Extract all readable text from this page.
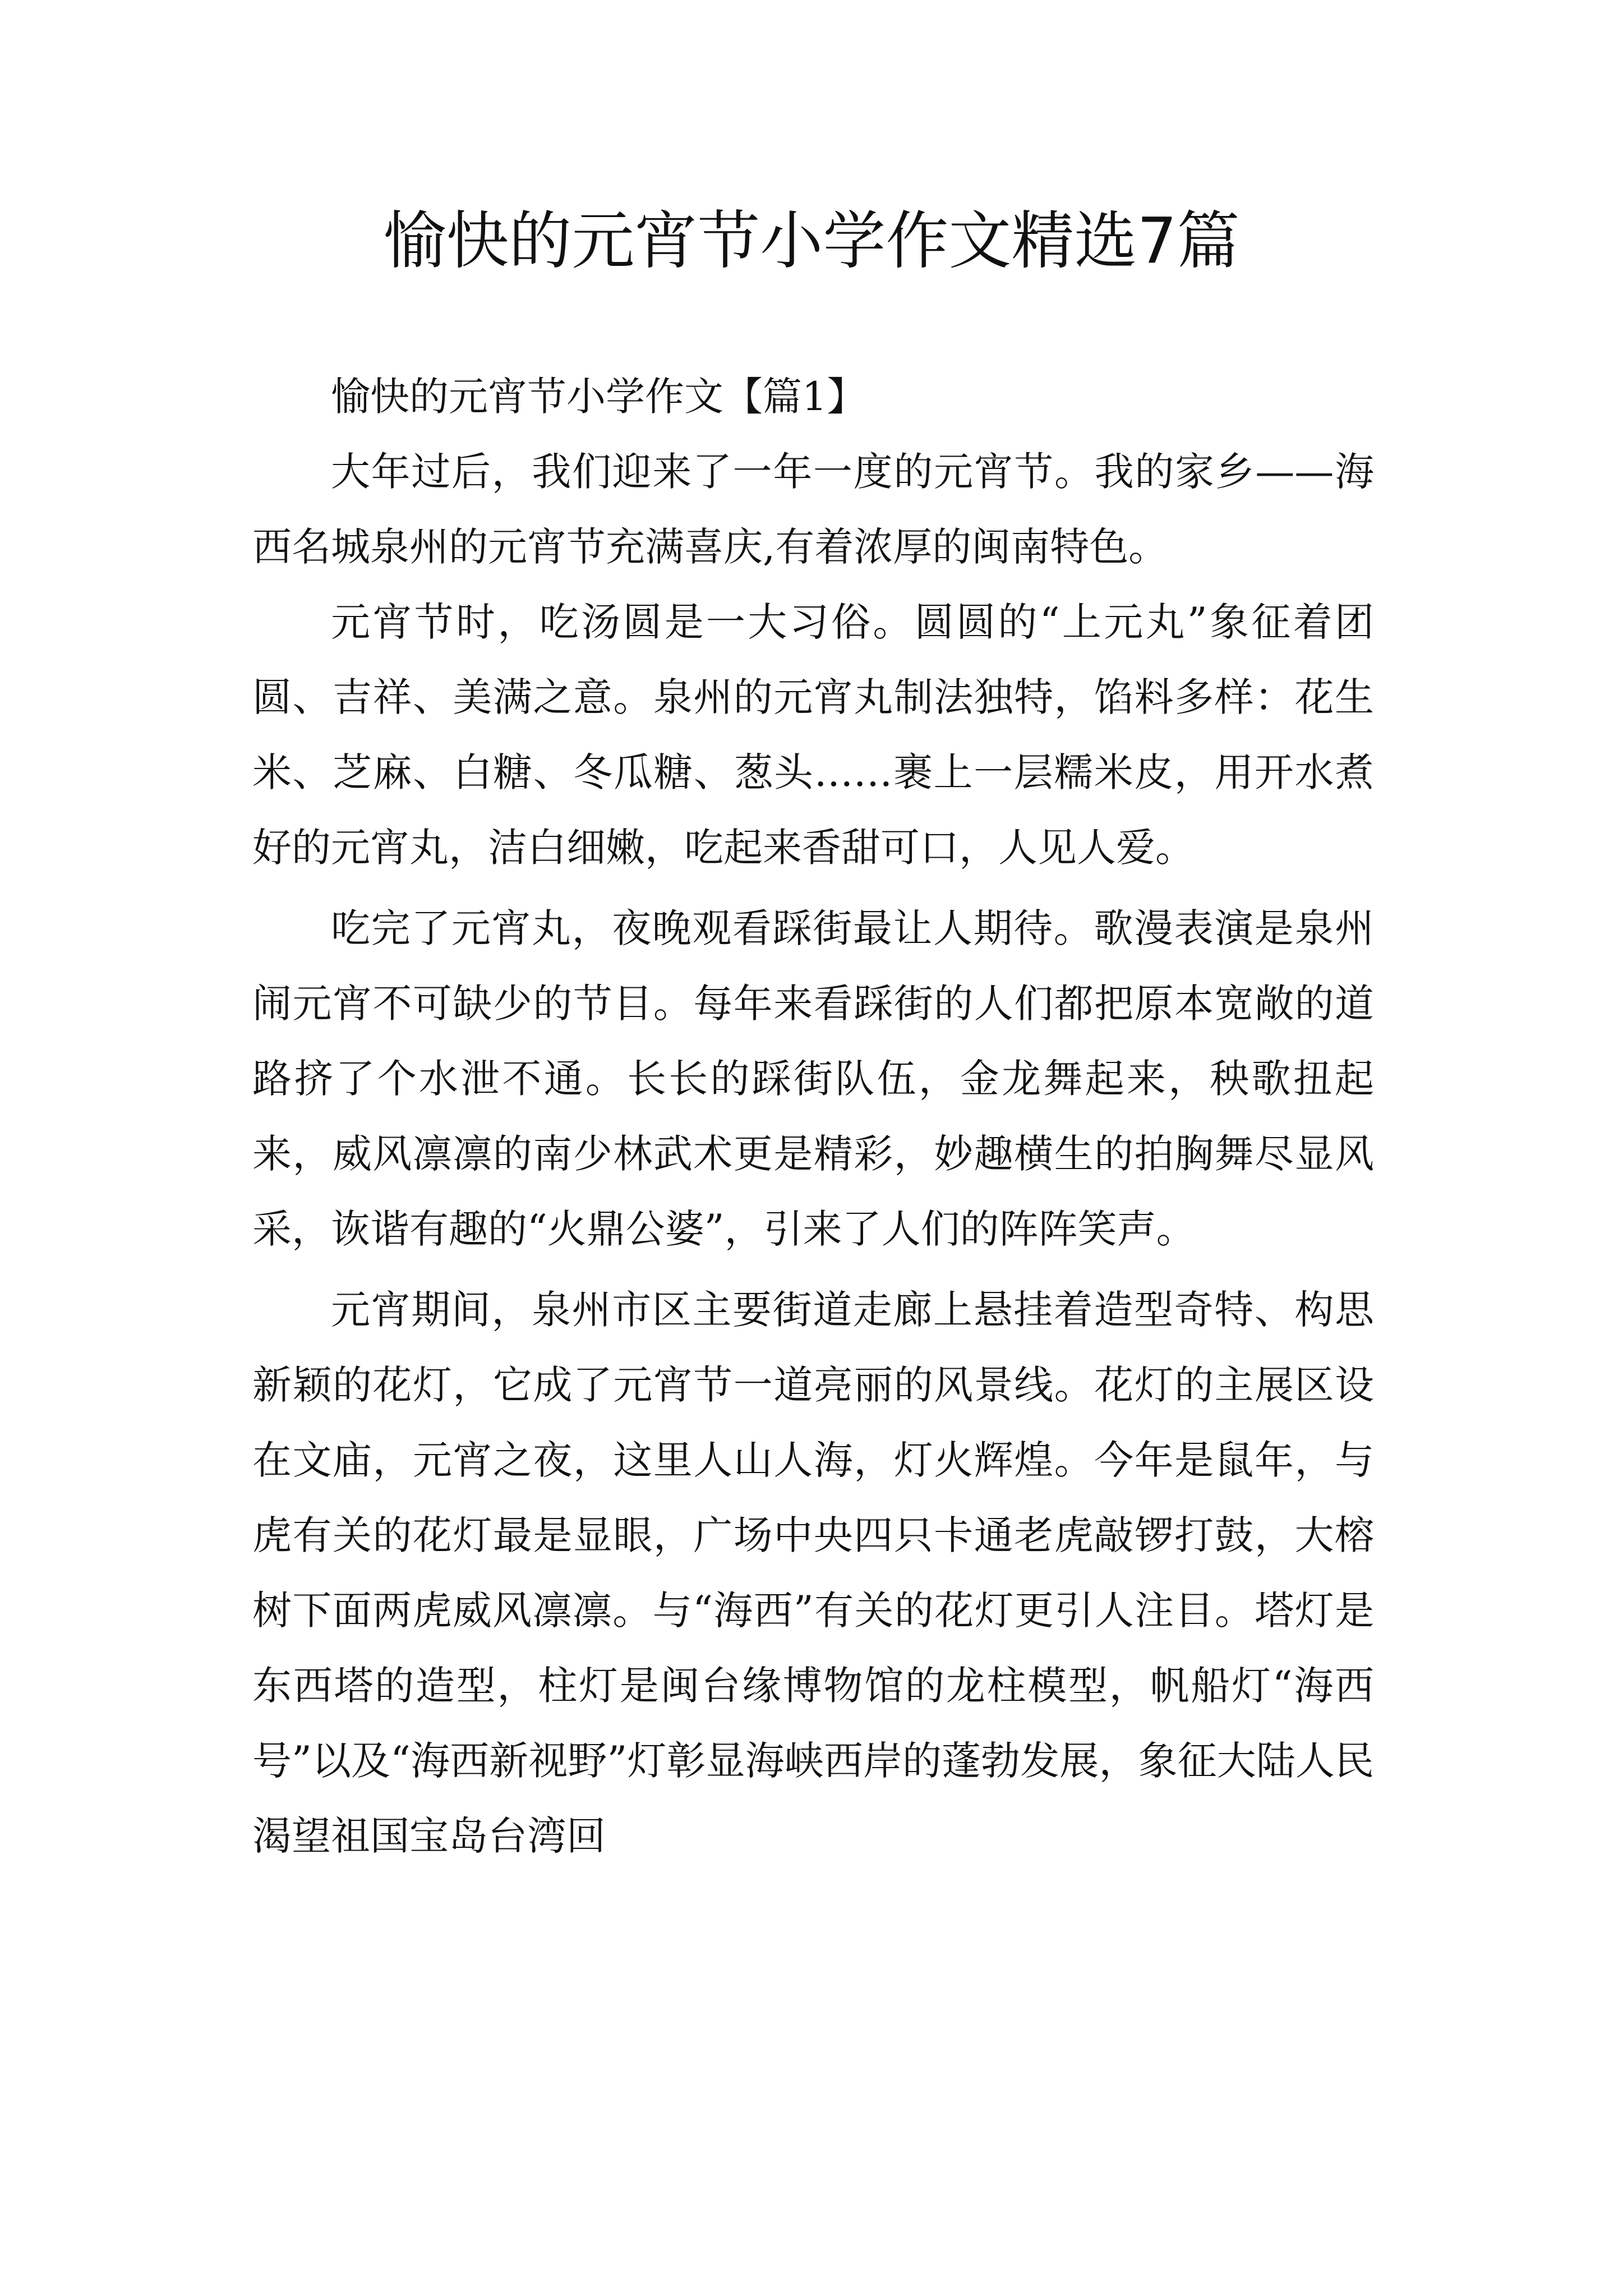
愉快的元宵节小学作文精选7篇

愉快的元宵节小学作文【篇1】

大年过后，我们迎来了一年一度的元宵节。我的家乡——海西名城泉州的元宵节充满喜庆,有着浓厚的闽南特色。

元宵节时，吃汤圆是一大习俗。圆圆的“上元丸”象征着团圆、吉祥、美满之意。泉州的元宵丸制法独特，馅料多样：花生米、芝麻、白糖、冬瓜糖、葱头……裹上一层糯米皮，用开水煮好的元宵丸，洁白细嫩，吃起来香甜可口，人见人爱。

吃完了元宵丸，夜晚观看踩街最让人期待。歌漫表演是泉州闹元宵不可缺少的节目。每年来看踩街的人们都把原本宽敞的道路挤了个水泄不通。长长的踩街队伍，金龙舞起来，秧歌扭起来，威风凛凛的南少林武术更是精彩，妙趣横生的拍胸舞尽显风采，诙谐有趣的“火鼎公婆”，引来了人们的阵阵笑声。

元宵期间，泉州市区主要街道走廊上悬挂着造型奇特、构思新颖的花灯，它成了元宵节一道亮丽的风景线。花灯的主展区设在文庙，元宵之夜，这里人山人海，灯火辉煌。今年是鼠年，与虎有关的花灯最是显眼，广场中央四只卡通老虎敲锣打鼓，大榕树下面两虎威风凛凛。与“海西”有关的花灯更引人注目。塔灯是东西塔的造型，柱灯是闽台缘博物馆的龙柱模型，帆船灯“海西号”以及“海西新视野”灯彰显海峡西岸的蓬勃发展，象征大陆人民渴望祖国宝岛台湾回
